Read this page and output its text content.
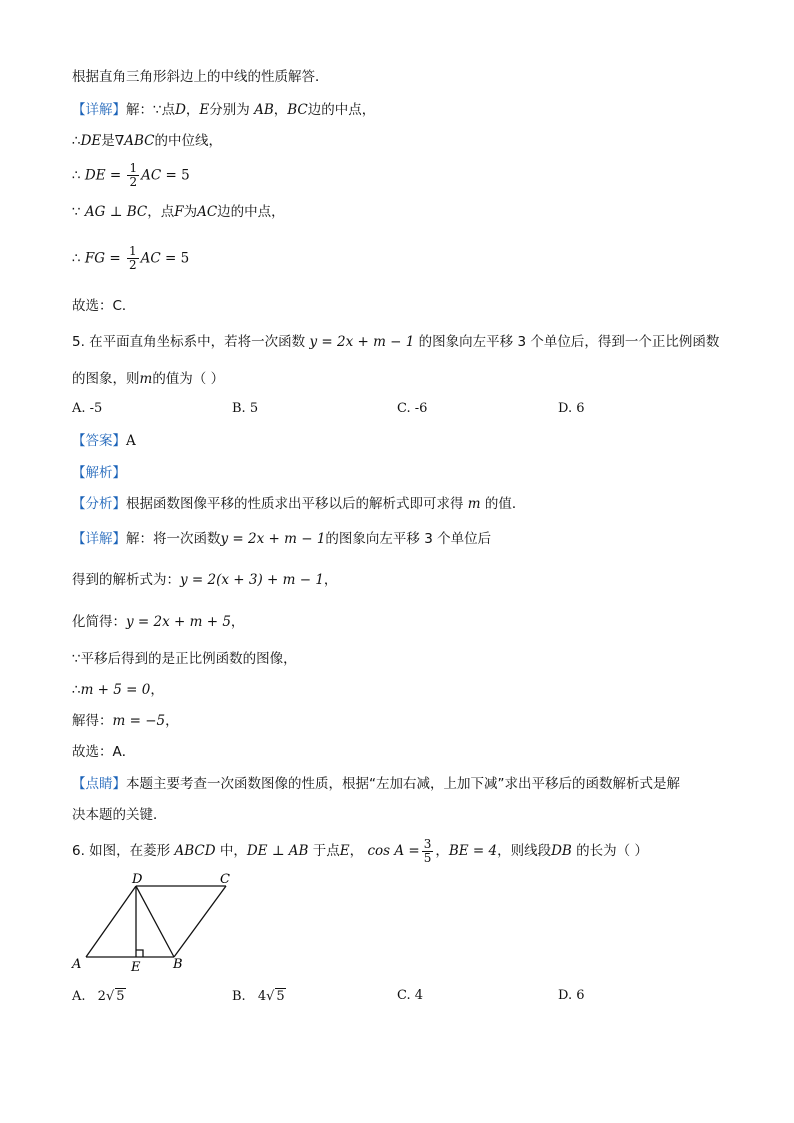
根据直角三角形斜边上的中线的性质解答．
【详解】解：∵点D，E分别为 AB，BC边的中点，
∴DE是∇ABC的中位线，
∴ DE = $\frac{1}{2}$ AC = 5
∵ AG ⊥ BC，点F为AC边的中点，
∴ FG = $\frac{1}{2}$ AC = 5
故选：C．
5. 在平面直角坐标系中，若将一次函数 y = 2x + m − 1 的图象向左平移 3 个单位后，得到一个正比例函数
的图象，则m的值为（ ）
A. -5	B. 5	C. -6	D. 6
【答案】A
【解析】
【分析】根据函数图像平移的性质求出平移以后的解析式即可求得 m 的值．
【详解】解：将一次函数y = 2x + m − 1的图象向左平移 3 个单位后
得到的解析式为：y = 2(x + 3) + m − 1，
化简得：y = 2x + m + 5，
∵平移后得到的是正比例函数的图像，
∴m + 5 = 0，
解得：m = −5，
故选：A．
【点睛】本题主要考查一次函数图像的性质，根据“左加右减，上加下减”求出平移后的函数解析式是解
决本题的关键．
6. 如图，在菱形 ABCD 中，DE ⊥ AB 于点E， $\cos A = \frac{3}{5}$ ，BE = 4，则线段DB 的长为（ ）
D	C
A	E	B
A. 2√ 5	B. 4√ 5	C. 4	D. 6
